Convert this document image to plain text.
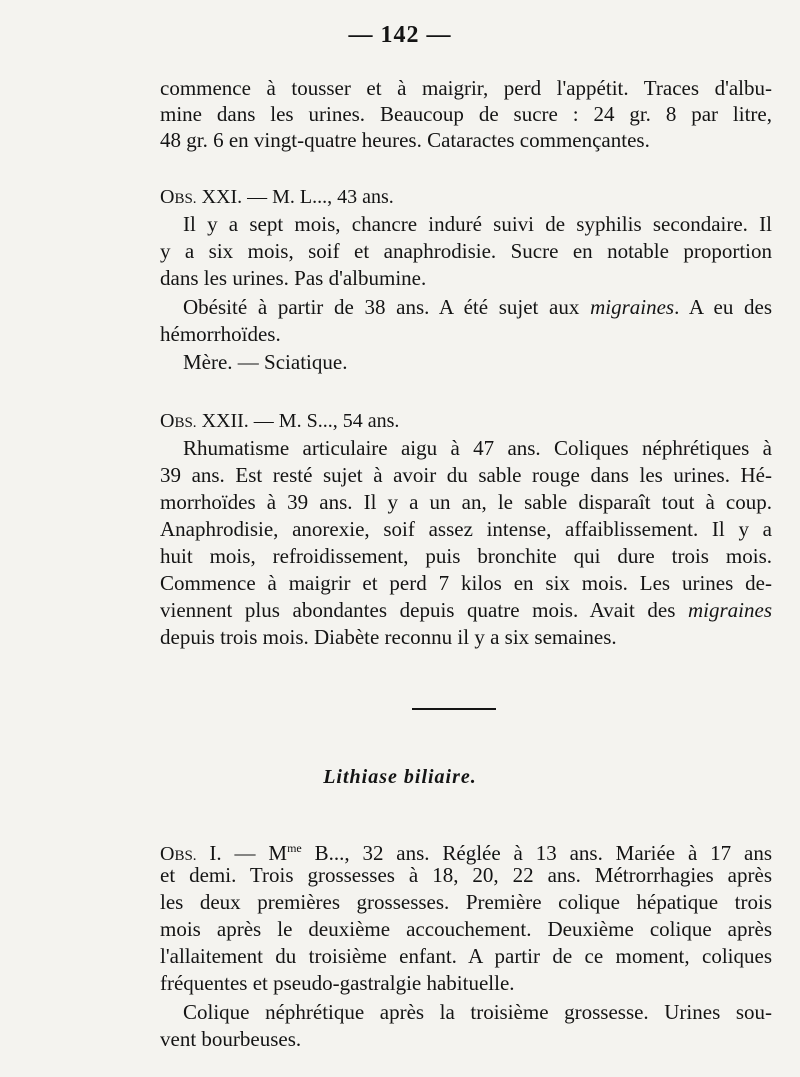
— 142 —
commence à tousser et à maigrir, perd l'appétit. Traces d'albu-
mine dans les urines. Beaucoup de sucre : 24 gr. 8 par litre,
48 gr. 6 en vingt-quatre heures. Cataractes commençantes.
OBS. XXI. — M. L..., 43 ans.
Il y a sept mois, chancre induré suivi de syphilis secondaire. Il
y a six mois, soif et anaphrodisie. Sucre en notable proportion
dans les urines. Pas d'albumine.
Obésité à partir de 38 ans. A été sujet aux migraines. A eu des
hémorrhoïdes.
Mère. — Sciatique.
OBS. XXII. — M. S..., 54 ans.
Rhumatisme articulaire aigu à 47 ans. Coliques néphrétiques à
39 ans. Est resté sujet à avoir du sable rouge dans les urines. Hé-
morrhoïdes à 39 ans. Il y a un an, le sable disparaît tout à coup.
Anaphrodisie, anorexie, soif assez intense, affaiblissement. Il y a
huit mois, refroidissement, puis bronchite qui dure trois mois.
Commence à maigrir et perd 7 kilos en six mois. Les urines de-
viennent plus abondantes depuis quatre mois. Avait des migraines
depuis trois mois. Diabète reconnu il y a six semaines.
Lithiase biliaire.
OBS. I. — $M^{me}$ B..., 32 ans. Réglée à 13 ans. Mariée à 17 ans
et demi. Trois grossesses à 18, 20, 22 ans. Métrorrhagies après
les deux premières grossesses. Première colique hépatique trois
mois après le deuxième accouchement. Deuxième colique après
l'allaitement du troisième enfant. A partir de ce moment, coliques
fréquentes et pseudo-gastralgie habituelle.
Colique néphrétique après la troisième grossesse. Urines sou-
vent bourbeuses.
